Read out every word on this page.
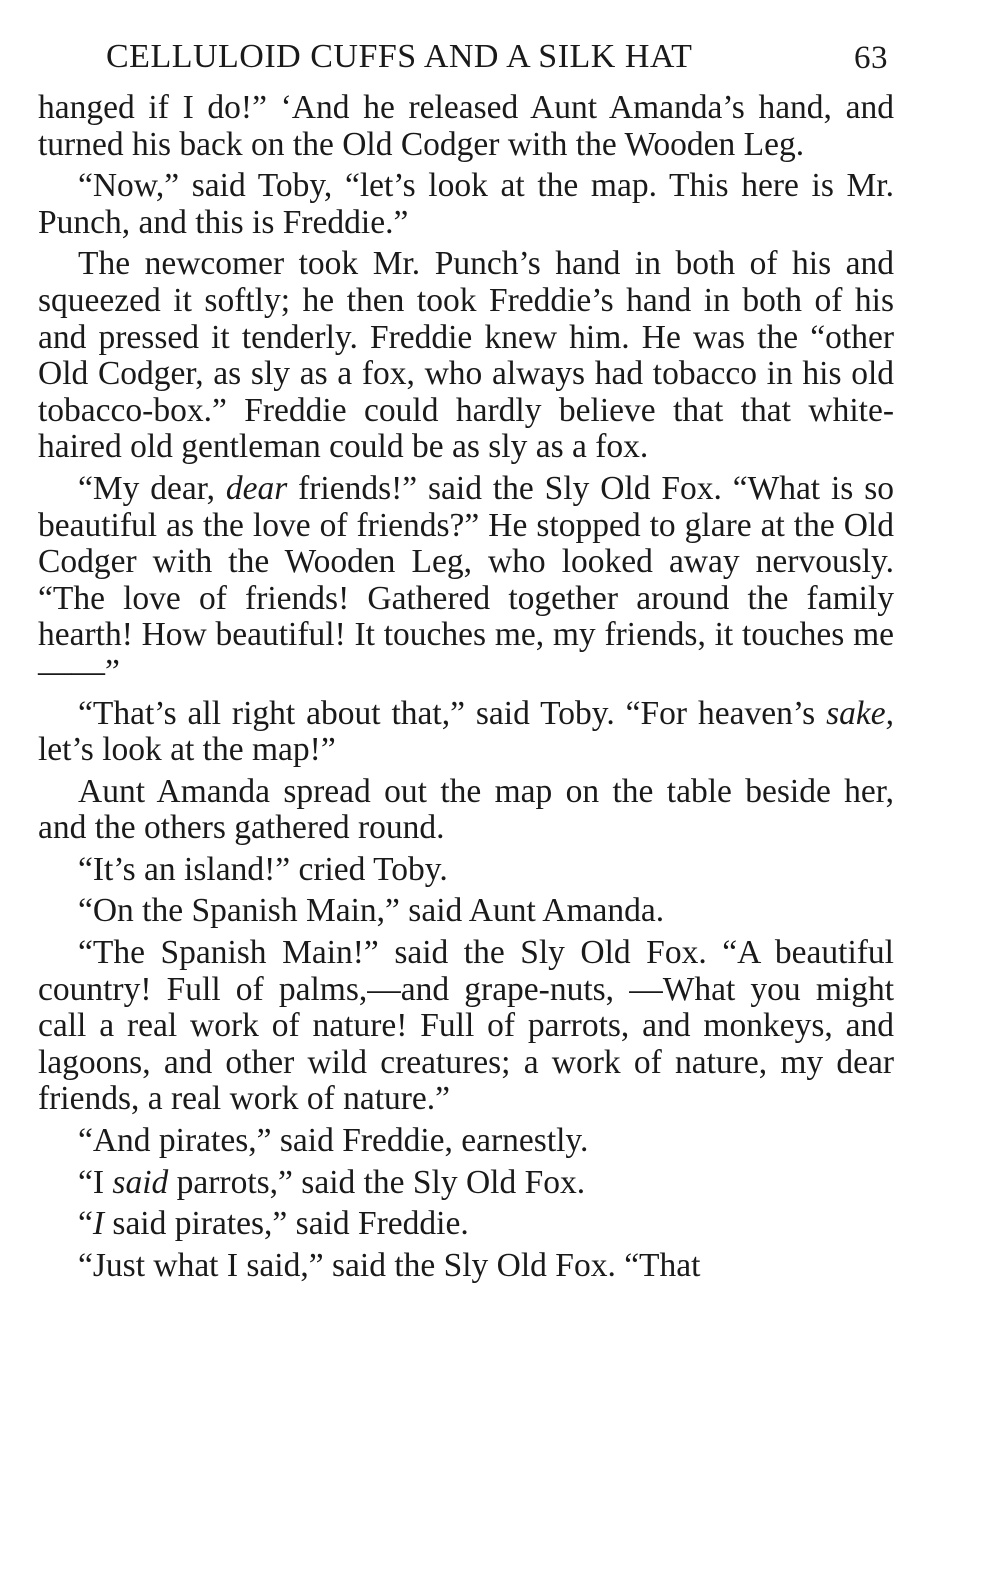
CELLULOID CUFFS AND A SILK HAT	63

hanged if I do!” ‘And he released Aunt Amanda’s hand, and turned his back on the Old Codger with the Wooden Leg.

“Now,” said Toby, “let’s look at the map. This here is Mr. Punch, and this is Freddie.”

The newcomer took Mr. Punch’s hand in both of his and squeezed it softly; he then took Freddie’s hand in both of his and pressed it tenderly. Freddie knew him. He was the “other Old Codger, as sly as a fox, who always had tobacco in his old tobacco-box.” Freddie could hardly believe that that white-haired old gentleman could be as sly as a fox.

“My dear, dear friends!” said the Sly Old Fox. “What is so beautiful as the love of friends?” He stopped to glare at the Old Codger with the Wooden Leg, who looked away nervously. “The love of friends! Gathered together around the family hearth! How beautiful! It touches me, my friends, it touches me——”

“That’s all right about that,” said Toby. “For heaven’s sake, let’s look at the map!”

Aunt Amanda spread out the map on the table beside her, and the others gathered round.

“It’s an island!” cried Toby.

“On the Spanish Main,” said Aunt Amanda.

“The Spanish Main!” said the Sly Old Fox. “A beautiful country! Full of palms,—and grape-nuts, —What you might call a real work of nature! Full of parrots, and monkeys, and lagoons, and other wild creatures; a work of nature, my dear friends, a real work of nature.”

“And pirates,” said Freddie, earnestly.

“I said parrots,” said the Sly Old Fox.

“I said pirates,” said Freddie.

“Just what I said,” said the Sly Old Fox. “That
